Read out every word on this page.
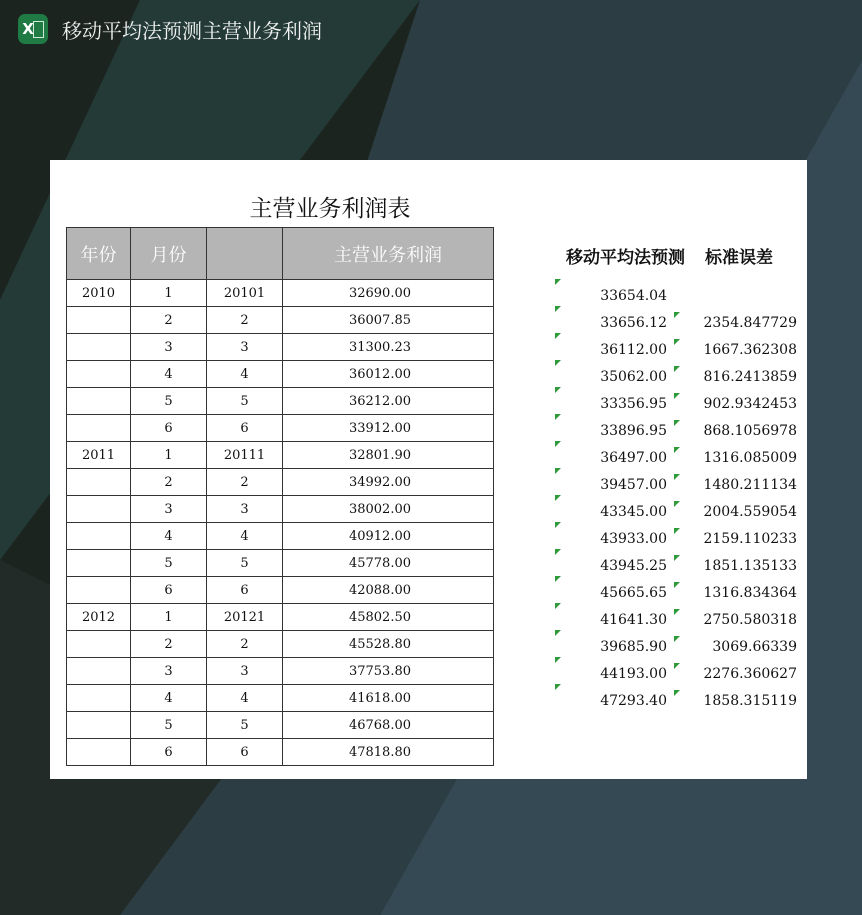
X 移动平均法预测主营业务利润
主营业务利润表
年份	月份		主营业务利润
2010	1	20101	32690.00
	2	2	36007.85
	3	3	31300.23
	4	4	36012.00
	5	5	36212.00
	6	6	33912.00
2011	1	20111	32801.90
	2	2	34992.00
	3	3	38002.00
	4	4	40912.00
	5	5	45778.00
	6	6	42088.00
2012	1	20121	45802.50
	2	2	45528.80
	3	3	37753.80
	4	4	41618.00
	5	5	46768.00
	6	6	47818.80
移动平均法预测 标准误差
33654.04
33656.12	2354.847729
36112.00	1667.362308
35062.00	816.2413859
33356.95	902.9342453
33896.95	868.1056978
36497.00	1316.085009
39457.00	1480.211134
43345.00	2004.559054
43933.00	2159.110233
43945.25	1851.135133
45665.65	1316.834364
41641.30	2750.580318
39685.90	3069.66339
44193.00	2276.360627
47293.40	1858.315119
